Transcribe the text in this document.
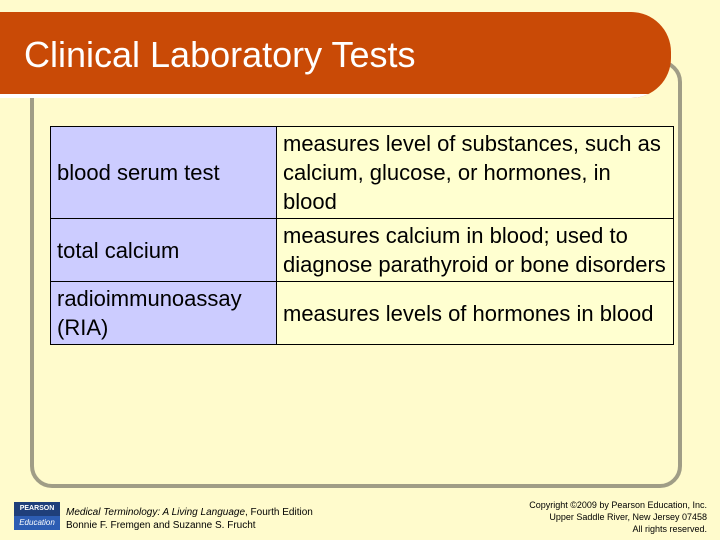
Clinical Laboratory Tests
blood serum test	measures level of substances, such as calcium, glucose, or hormones, in blood
total calcium	measures calcium in blood; used to diagnose parathyroid or bone disorders
radioimmunoassay (RIA)	measures levels of hormones in blood
PEARSON
Education
Medical Terminology: A Living Language, Fourth Edition
Bonnie F. Fremgen and Suzanne S. Frucht
Copyright ©2009 by Pearson Education, Inc.
Upper Saddle River, New Jersey 07458
All rights reserved.
